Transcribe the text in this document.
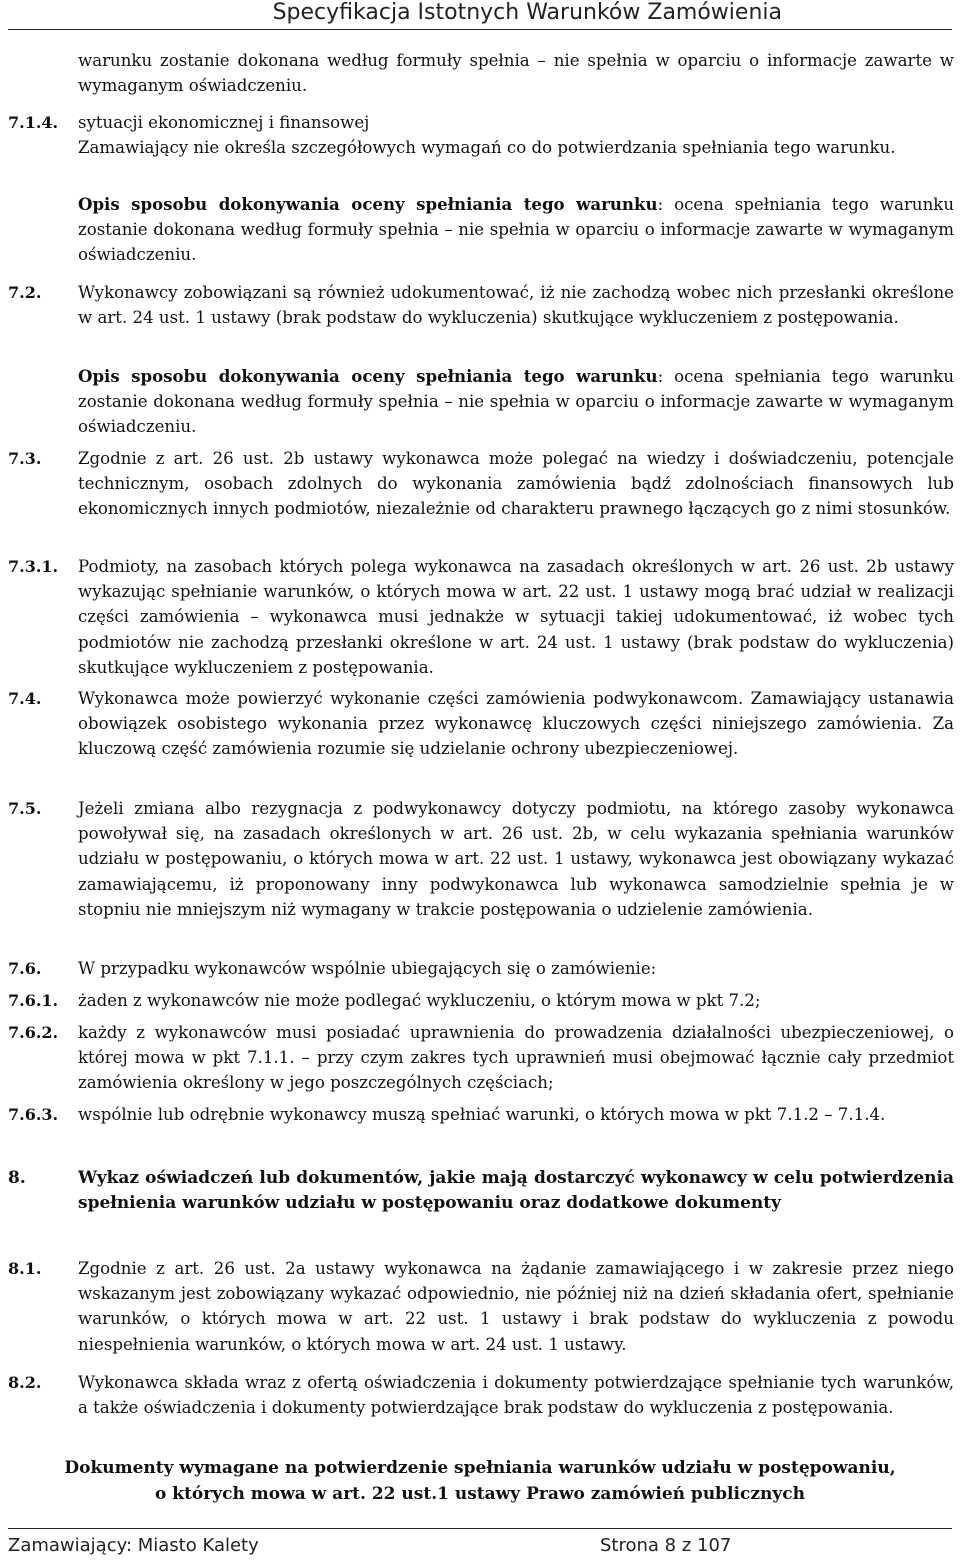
Specyfikacja Istotnych Warunków Zamówienia
warunku zostanie dokonana według formuły spełnia – nie spełnia w oparciu o informacje zawarte w wymaganym oświadczeniu.
7.1.4.	sytuacji ekonomicznej i finansowej
Zamawiający nie określa szczegółowych wymagań co do potwierdzania spełniania tego warunku.
Opis sposobu dokonywania oceny spełniania tego warunku: ocena spełniania tego warunku zostanie dokonana według formuły spełnia – nie spełnia w oparciu o informacje zawarte w wymaganym oświadczeniu.
7.2.	Wykonawcy zobowiązani są również udokumentować, iż nie zachodzą wobec nich przesłanki określone w art. 24 ust. 1 ustawy (brak podstaw do wykluczenia) skutkujące wykluczeniem z postępowania.
Opis sposobu dokonywania oceny spełniania tego warunku: ocena spełniania tego warunku zostanie dokonana według formuły spełnia – nie spełnia w oparciu o informacje zawarte w wymaganym oświadczeniu.
7.3.	Zgodnie z art. 26 ust. 2b ustawy wykonawca może polegać na wiedzy i doświadczeniu, potencjale technicznym, osobach zdolnych do wykonania zamówienia bądź zdolnościach finansowych lub ekonomicznych innych podmiotów, niezależnie od charakteru prawnego łączących go z nimi stosunków.
7.3.1.	Podmioty, na zasobach których polega wykonawca na zasadach określonych w art. 26 ust. 2b ustawy wykazując spełnianie warunków, o których mowa w art. 22 ust. 1 ustawy mogą brać udział w realizacji części zamówienia – wykonawca musi jednakże w sytuacji takiej udokumentować, iż wobec tych podmiotów nie zachodzą przesłanki określone w art. 24 ust. 1 ustawy (brak podstaw do wykluczenia) skutkujące wykluczeniem z postępowania.
7.4.	Wykonawca może powierzyć wykonanie części zamówienia podwykonawcom. Zamawiający ustanawia obowiązek osobistego wykonania przez wykonawcę kluczowych części niniejszego zamówienia. Za kluczową część zamówienia rozumie się udzielanie ochrony ubezpieczeniowej.
7.5.	Jeżeli zmiana albo rezygnacja z podwykonawcy dotyczy podmiotu, na którego zasoby wykonawca powoływał się, na zasadach określonych w art. 26 ust. 2b, w celu wykazania spełniania warunków udziału w postępowaniu, o których mowa w art. 22 ust. 1 ustawy, wykonawca jest obowiązany wykazać zamawiającemu, iż proponowany inny podwykonawca lub wykonawca samodzielnie spełnia je w stopniu nie mniejszym niż wymagany w trakcie postępowania o udzielenie zamówienia.
7.6.	W przypadku wykonawców wspólnie ubiegających się o zamówienie:
7.6.1.	żaden z wykonawców nie może podlegać wykluczeniu, o którym mowa w pkt 7.2;
7.6.2.	każdy z wykonawców musi posiadać uprawnienia do prowadzenia działalności ubezpieczeniowej, o której mowa w pkt 7.1.1. – przy czym zakres tych uprawnień musi obejmować łącznie cały przedmiot zamówienia określony w jego poszczególnych częściach;
7.6.3.	wspólnie lub odrębnie wykonawcy muszą spełniać warunki, o których mowa w pkt 7.1.2 – 7.1.4.
8.	Wykaz oświadczeń lub dokumentów, jakie mają dostarczyć wykonawcy w celu potwierdzenia spełnienia warunków udziału w postępowaniu oraz dodatkowe dokumenty
8.1.	Zgodnie z art. 26 ust. 2a ustawy wykonawca na żądanie zamawiającego i w zakresie przez niego wskazanym jest zobowiązany wykazać odpowiednio, nie później niż na dzień składania ofert, spełnianie warunków, o których mowa w art. 22 ust. 1 ustawy i brak podstaw do wykluczenia z powodu niespełnienia warunków, o których mowa w art. 24 ust. 1 ustawy.
8.2.	Wykonawca składa wraz z ofertą oświadczenia i dokumenty potwierdzające spełnianie tych warunków, a także oświadczenia i dokumenty potwierdzające brak podstaw do wykluczenia z postępowania.
Dokumenty wymagane na potwierdzenie spełniania warunków udziału w postępowaniu,
o których mowa w art. 22 ust.1 ustawy Prawo zamówień publicznych
Zamawiający: Miasto Kalety	Strona 8 z 107
